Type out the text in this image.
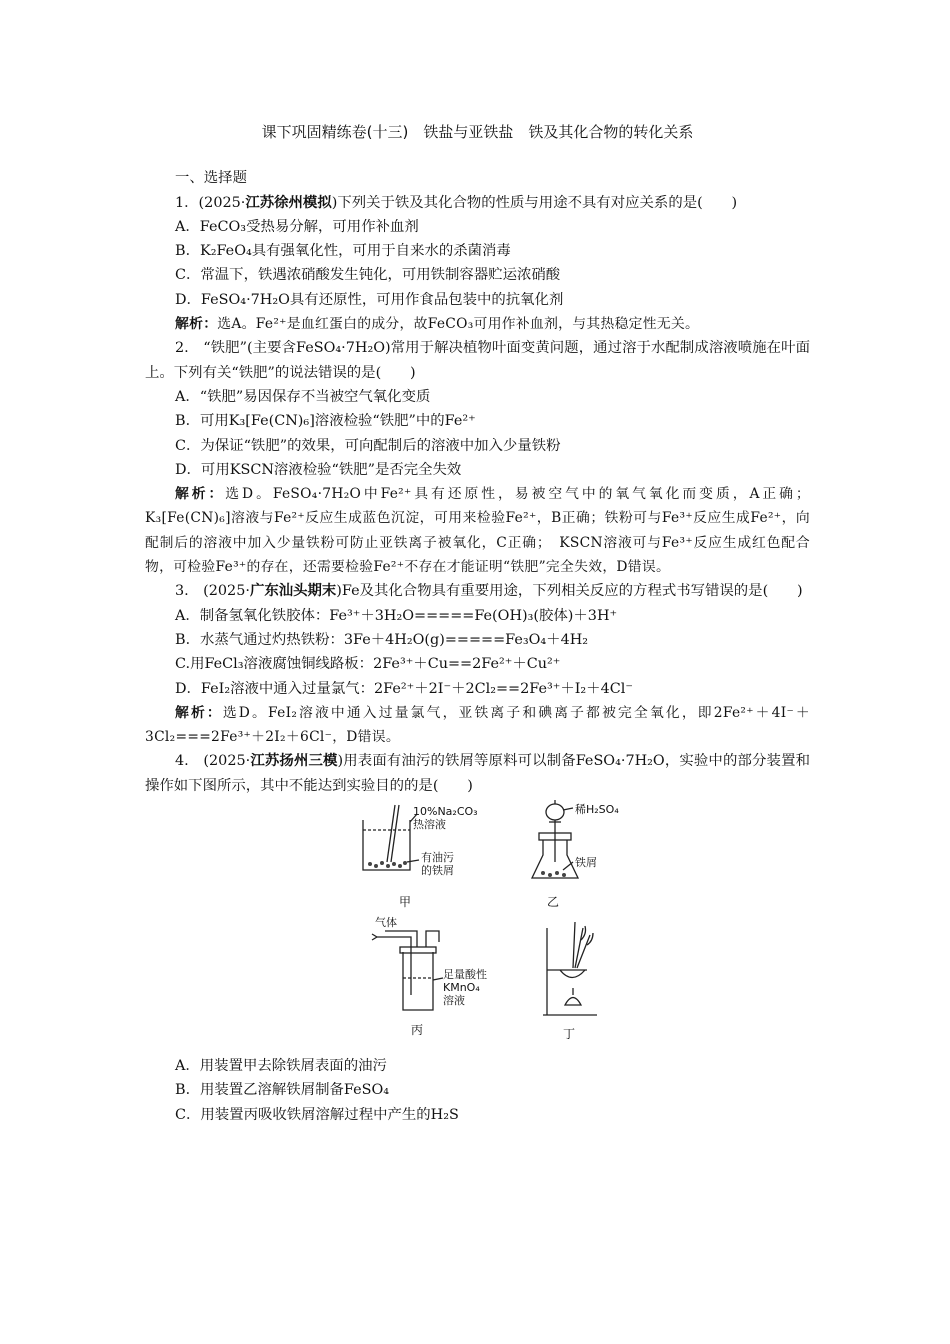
课下巩固精练卷(十三)　铁盐与亚铁盐　铁及其化合物的转化关系
一、选择题

1．(2025·江苏徐州模拟)下列关于铁及其化合物的性质与用途不具有对应关系的是(　　)

A．FeCO₃受热易分解，可用作补血剂

B．K₂FeO₄具有强氧化性，可用于自来水的杀菌消毒

C．常温下，铁遇浓硝酸发生钝化，可用铁制容器贮运浓硝酸

D．FeSO₄·7H₂O具有还原性，可用作食品包装中的抗氧化剂

解析：选A。Fe²⁺是血红蛋白的成分，故FeCO₃可用作补血剂，与其热稳定性无关。

2.　“铁肥”(主要含FeSO₄·7H₂O)常用于解决植物叶面变黄问题，通过溶于水配制成溶液喷施在叶面上。下列有关“铁肥”的说法错误的是(　　)

A．“铁肥”易因保存不当被空气氧化变质

B．可用K₃[Fe(CN)₆]溶液检验“铁肥”中的Fe²⁺

C．为保证“铁肥”的效果，可向配制后的溶液中加入少量铁粉

D．可用KSCN溶液检验“铁肥”是否完全失效

解析：选D。FeSO₄·7H₂O中Fe²⁺具有还原性，易被空气中的氧气氧化而变质，A正确；K₃[Fe(CN)₆]溶液与Fe²⁺反应生成蓝色沉淀，可用来检验Fe²⁺，B正确；铁粉可与Fe³⁺反应生成Fe²⁺，向配制后的溶液中加入少量铁粉可防止亚铁离子被氧化，C正确；　KSCN溶液可与Fe³⁺反应生成红色配合物，可检验Fe³⁺的存在，还需要检验Fe²⁺不存在才能证明“铁肥”完全失效，D错误。

3.　(2025·广东汕头期末)Fe及其化合物具有重要用途，下列相关反应的方程式书写错误的是(　　)

A．制备氢氧化铁胶体：Fe³⁺＋3H₂O=====Fe(OH)₃(胶体)＋3H⁺

B．水蒸气通过灼热铁粉：3Fe＋4H₂O(g)=====Fe₃O₄＋4H₂

C.用FeCl₃溶液腐蚀铜线路板：2Fe³⁺＋Cu==2Fe²⁺＋Cu²⁺

D．FeI₂溶液中通入过量氯气：2Fe²⁺＋2I⁻＋2Cl₂==2Fe³⁺＋I₂＋4Cl⁻

解析：选D。FeI₂溶液中通入过量氯气，亚铁离子和碘离子都被完全氧化，即2Fe²⁺＋4I⁻＋3Cl₂===2Fe³⁺＋2I₂＋6Cl⁻，D错误。

4.　(2025·江苏扬州三模)用表面有油污的铁屑等原料可以制备FeSO₄·7H₂O，实验中的部分装置和操作如下图所示，其中不能达到实验目的的是(　　)

10%Na₂CO₃
热溶液
有油污
的铁屑
甲
稀H₂SO₄
铁屑
乙
气体
足量酸性
KMnO₄
溶液
丙	丁

A．用装置甲去除铁屑表面的油污

B．用装置乙溶解铁屑制备FeSO₄

C．用装置丙吸收铁屑溶解过程中产生的H₂S
